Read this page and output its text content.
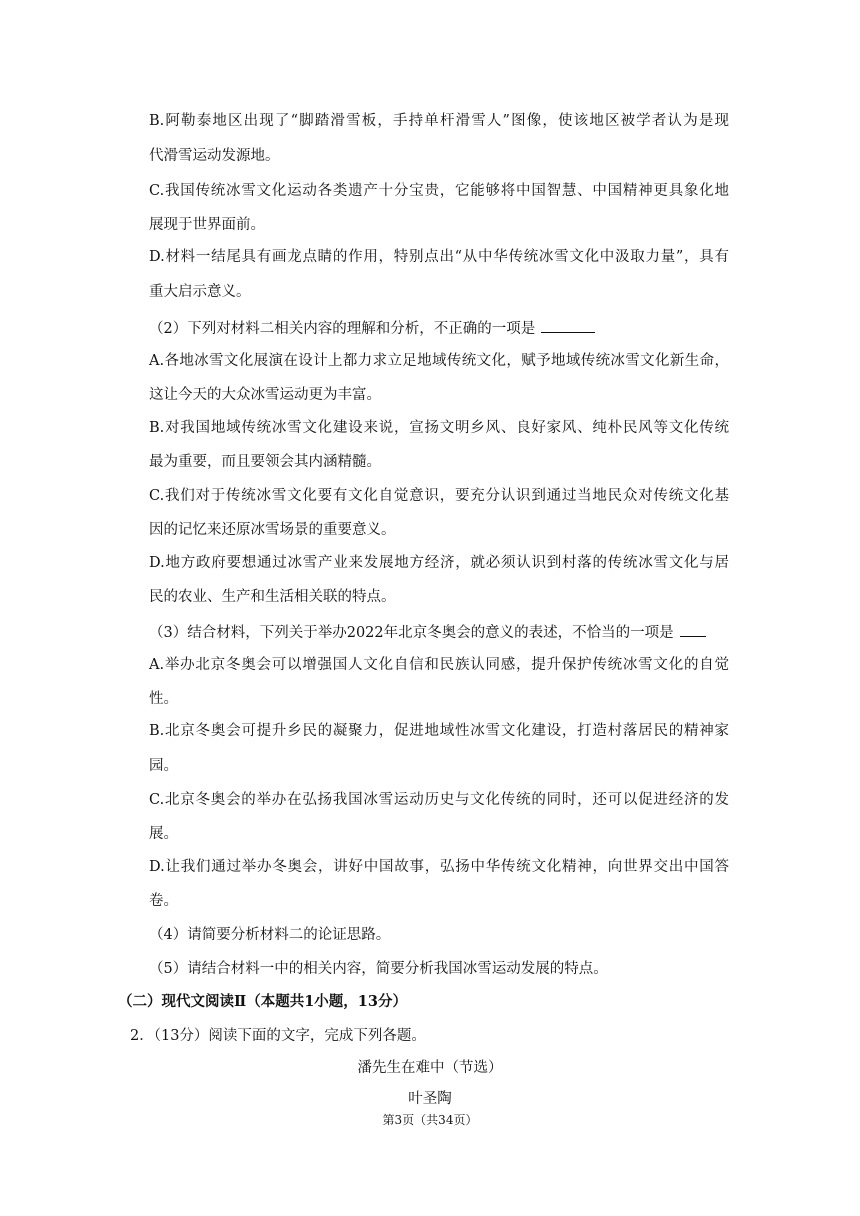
B.阿勒泰地区出现了“脚踏滑雪板，手持单杆滑雪人”图像，使该地区被学者认为是现
代滑雪运动发源地。
C.我国传统冰雪文化运动各类遗产十分宝贵，它能够将中国智慧、中国精神更具象化地
展现于世界面前。
D.材料一结尾具有画龙点睛的作用，特别点出“从中华传统冰雪文化中汲取力量”，具有
重大启示意义。
（2）下列对材料二相关内容的理解和分析，不正确的一项是
A.各地冰雪文化展演在设计上都力求立足地域传统文化，赋予地域传统冰雪文化新生命，
这让今天的大众冰雪运动更为丰富。
B.对我国地域传统冰雪文化建设来说，宣扬文明乡风、良好家风、纯朴民风等文化传统
最为重要，而且要领会其内涵精髓。
C.我们对于传统冰雪文化要有文化自觉意识，要充分认识到通过当地民众对传统文化基
因的记忆来还原冰雪场景的重要意义。
D.地方政府要想通过冰雪产业来发展地方经济，就必须认识到村落的传统冰雪文化与居
民的农业、生产和生活相关联的特点。
（3）结合材料，下列关于举办2022年北京冬奥会的意义的表述，不恰当的一项是
A.举办北京冬奥会可以增强国人文化自信和民族认同感，提升保护传统冰雪文化的自觉
性。
B.北京冬奥会可提升乡民的凝聚力，促进地域性冰雪文化建设，打造村落居民的精神家
园。
C.北京冬奥会的举办在弘扬我国冰雪运动历史与文化传统的同时，还可以促进经济的发
展。
D.让我们通过举办冬奥会，讲好中国故事，弘扬中华传统文化精神，向世界交出中国答
卷。
（4）请简要分析材料二的论证思路。
（5）请结合材料一中的相关内容，简要分析我国冰雪运动发展的特点。
（二）现代文阅读Ⅱ（本题共1小题，13分）
2．（13分）阅读下面的文字，完成下列各题。
潘先生在难中（节选）
叶圣陶
第3页（共34页）
